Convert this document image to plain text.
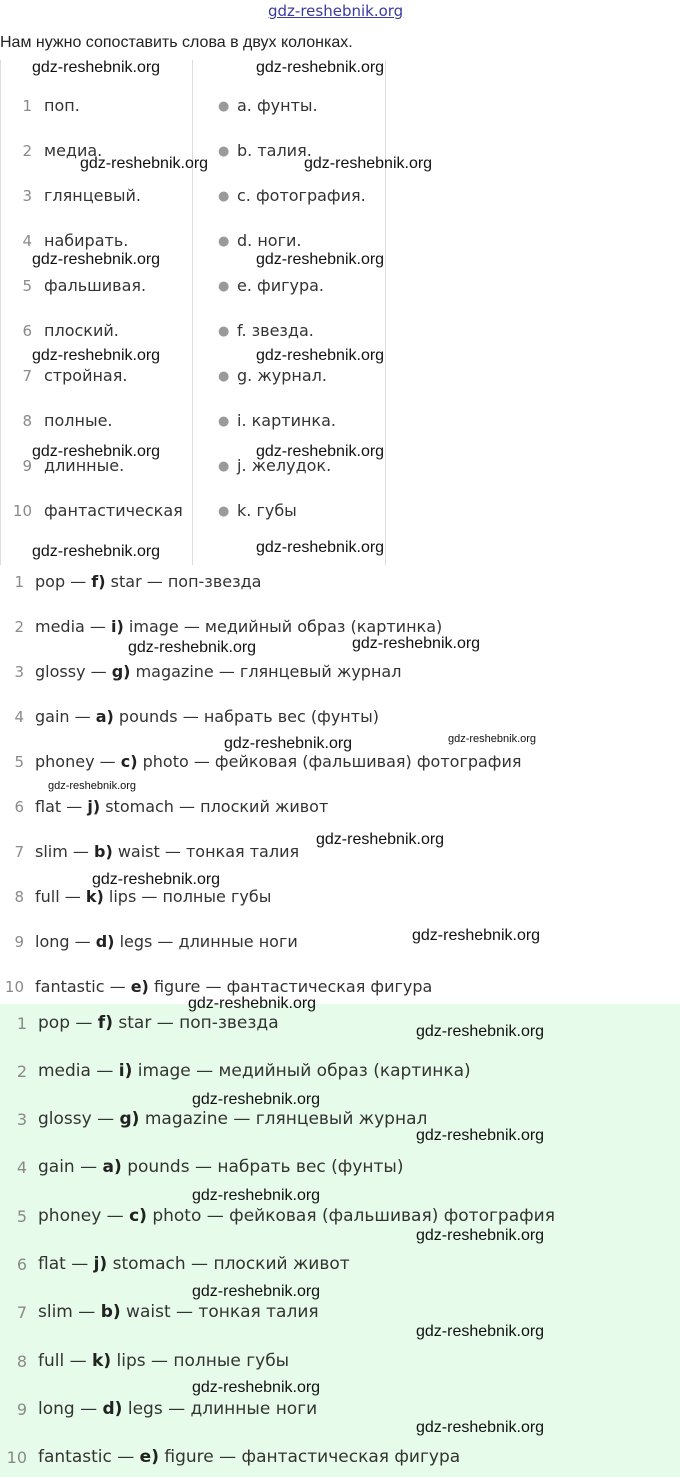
gdz-reshebnik.org
Нам нужно сопоставить слова в двух колонках.
1 поп.	● a. фунты.
2 медиа.	● b. талия.
3 глянцевый.	● c. фотография.
4 набирать.	● d. ноги.
5 фальшивая.	● e. фигура.
6 плоский.	● f. звезда.
7 стройная.	● g. журнал.
8 полные.	● i. картинка.
9 длинные.	● j. желудок.
10 фантастическая	● k. губы
1 pop — f) star — поп-звезда
2 media — i) image — медийный образ (картинка)
3 glossy — g) magazine — глянцевый журнал
4 gain — a) pounds — набрать вес (фунты)
5 phoney — c) photo — фейковая (фальшивая) фотография
6 flat — j) stomach — плоский живот
7 slim — b) waist — тонкая талия
8 full — k) lips — полные губы
9 long — d) legs — длинные ноги
10 fantastic — e) figure — фантастическая фигура
1 pop — f) star — поп-звезда
2 media — i) image — медийный образ (картинка)
3 glossy — g) magazine — глянцевый журнал
4 gain — a) pounds — набрать вес (фунты)
5 phoney — c) photo — фейковая (фальшивая) фотография
6 flat — j) stomach — плоский живот
7 slim — b) waist — тонкая талия
8 full — k) lips — полные губы
9 long — d) legs — длинные ноги
10 fantastic — e) figure — фантастическая фигура
gdz-reshebnik.org	gdz-reshebnik.org
gdz-reshebnik.org	gdz-reshebnik.org
gdz-reshebnik.org	gdz-reshebnik.org
gdz-reshebnik.org	gdz-reshebnik.org
gdz-reshebnik.org	gdz-reshebnik.org
gdz-reshebnik.org	gdz-reshebnik.org
gdz-reshebnik.org	gdz-reshebnik.org
gdz-reshebnik.org	gdz-reshebnik.org
gdz-reshebnik.org
gdz-reshebnik.org
gdz-reshebnik.org
gdz-reshebnik.org
gdz-reshebnik.org
gdz-reshebnik.org
gdz-reshebnik.org
gdz-reshebnik.org
gdz-reshebnik.org
gdz-reshebnik.org
gdz-reshebnik.org
gdz-reshebnik.org
gdz-reshebnik.org
gdz-reshebnik.org
